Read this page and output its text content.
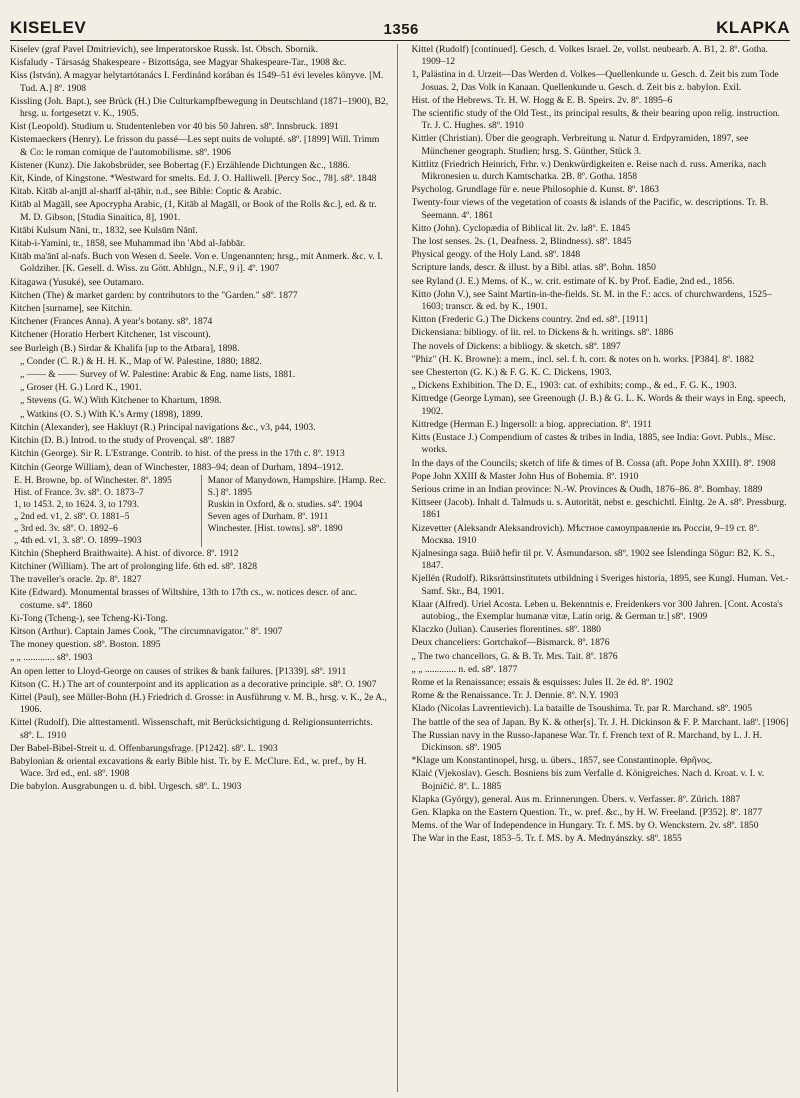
KISELEV	1356	KLAPKA

Kiselev (graf Pavel Dmitrievich), see Imperatorskoe Russk. Ist. Obsch. Sbornik.

Kisfaludy - Társaság Shakespeare - Bizottsága, see Magyar Shakespeare-Tar., 1908 &c.

Kiss (István). A magyar helytartótanács I. Ferdinánd korában és 1549–51 évi leveles könyve. [M. Tud. A.] 8º. 1908

Kissling (Joh. Bapt.), see Brück (H.) Die Culturkampfbewegung in Deutschland (1871–1900), B2, hrsg. u. fortgesetzt v. K., 1905.

Kist (Leopold). Studium u. Studentenleben vor 40 bis 50 Jahren. s8º. Innsbruck. 1891

Kistemaeckers (Henry). Le frisson du passé—Les sept nuits de volupté. s8º. [1899] Will. Trimm & Co: le roman comique de l'automobilisme. s8º. 1906

Kistener (Kunz). Die Jakobsbrüder, see Bobertag (F.) Erzählende Dichtungen &c., 1886.

Kit, Kinde, of Kingstone. *Westward for smelts. Ed. J. O. Halliwell. [Percy Soc., 78]. s8º. 1848

Kitab. Kitāb al-anjīl al-sharīf al-ṭāhir, n.d., see Bible: Coptic & Arabic.

Kitāb al Magāll, see Apocrypha Arabic, (1, Kitāb al Magāll, or Book of the Rolls &c.], ed. & tr. M. D. Gibson, [Studia Sinaitica, 8], 1901.

Kitābi Kulsum Nāni, tr., 1832, see Kulsūm Nānī.

Kitab-i-Yamini, tr., 1858, see Muhammad ibn 'Abd al-Jabbār.

Kitāb ma'ānī al-nafs. Buch von Wesen d. Seele. Von e. Ungenannten; hrsg., mit Anmerk. &c. v. I. Goldziher. [K. Gesell. d. Wiss. zu Gött. Abhlgn., N.F., 9 i]. 4º. 1907

Kitagawa (Yusuké), see Outamaro.

Kitchen (The) & market garden: by contributors to the "Garden." s8º. 1877

Kitchen [surname], see Kitchin.

Kitchener (Frances Anna). A year's botany. s8º. 1874

Kitchener (Horatio Herbert Kitchener, 1st viscount).

see Burleigh (B.) Sirdar & Khalifa [up to the Atbara], 1898.

„ Conder (C. R.) & H. H. K., Map of W. Palestine, 1880; 1882.

„ —— & —— Survey of W. Palestine: Arabic & Eng. name lists, 1881.

„ Groser (H. G.) Lord K., 1901.

„ Stevens (G. W.) With Kitchener to Khartum, 1898.

„ Watkins (O. S.) With K.'s Army (1898), 1899.

Kitchin (Alexander), see Hakluyt (R.) Principal navigations &c., v3, p44, 1903.

Kitchin (D. B.) Introd. to the study of Provençal. s8º. 1887

Kitchin (George). Sir R. L'Estrange. Contrib. to hist. of the press in the 17th c. 8º. 1913

Kitchin (George William), dean of Winchester, 1883–94; dean of Durham, 1894–1912.

E. H. Browne, bp. of Winchester. 8º. 1895
Hist. of France. 3v. s8º. O. 1873–7
1, to 1453. 2, to 1624. 3, to 1793.
„ 2nd ed. v1, 2. s8º. O. 1881–5
„ 3rd ed. 3v. s8º. O. 1892–6
„ 4th ed. v1, 3. s8º. O. 1899–1903
Manor of Manydown, Hampshire. [Hamp. Rec. S.] 8º. 1895
Ruskin in Oxford, & o. studies. s4º. 1904
Seven ages of Durham. 8º. 1911
Winchester. [Hist. towns]. s8º. 1890

Kitchin (Shepherd Braithwaite). A hist. of divorce. 8º. 1912

Kitchiner (William). The art of prolonging life. 6th ed. s8º. 1828

The traveller's oracle. 2p. 8º. 1827

Kite (Edward). Monumental brasses of Wiltshire, 13th to 17th cs., w. notices descr. of anc. costume. s4º. 1860

Ki-Tong (Tcheng-), see Tcheng-Ki-Tong.

Kitson (Arthur). Captain James Cook, "The circumnavigator." 8º. 1907

The money question. s8º. Boston. 1895

„ „ ............. s8º. 1903

An open letter to Lloyd-George on causes of strikes & bank failures. [P1339]. s8º. 1911

Kitson (C. H.) The art of counterpoint and its application as a decorative principle. s8º. O. 1907

Kittel (Paul), see Müller-Bohn (H.) Friedrich d. Grosse: in Ausführung v. M. B., hrsg. v. K., 2e A., 1906.

Kittel (Rudolf). Die alttestamentl. Wissenschaft, mit Berücksichtigung d. Religionsunterrichts. s8º. L. 1910

Der Babel-Bibel-Streit u. d. Offenbarungsfrage. [P1242]. s8º. L. 1903

Babylonian & oriental excavations & early Bible hist. Tr. by E. McClure. Ed., w. pref., by H. Wace. 3rd ed., enl. s8º. 1908

Die babylon. Ausgrabungen u. d. bibl. Urgesch. s8º. L. 1903

Kittel (Rudolf) [continued]. Gesch. d. Volkes Israel. 2e, vollst. neubearb. A. B1, 2. 8º. Gotha. 1909–12

1, Palästina in d. Urzeit—Das Werden d. Volkes—Quellenkunde u. Gesch. d. Zeit bis zum Tode Josuas. 2, Das Volk in Kanaan. Quellenkunde u. Gesch. d. Zeit bis z. babylon. Exil.

Hist. of the Hebrews. Tr. H. W. Hogg & E. B. Speirs. 2v. 8º. 1895–6

The scientific study of the Old Test., its principal results, & their bearing upon relig. instruction. Tr. J. C. Hughes. s8º. 1910

Kittler (Christian). Über die geograph. Verbreitung u. Natur d. Erdpyramiden, 1897, see Münchener geograph. Studien; hrsg. S. Günther, Stück 3.

Kittlitz (Friedrich Heinrich, Frhr. v.) Denkwürdigkeiten e. Reise nach d. russ. Amerika, nach Mikronesien u. durch Kamtschatka. 2B. 8º. Gotha. 1858

Psycholog. Grundlage für e. neue Philosophie d. Kunst. 8º. 1863

Twenty-four views of the vegetation of coasts & islands of the Pacific, w. descriptions. Tr. B. Seemann. 4º. 1861

Kitto (John). Cyclopædia of Biblical lit. 2v. la8º. E. 1845

The lost senses. 2s. (1, Deafness. 2, Blindness). s8º. 1845

Physical geogy. of the Holy Land. s8º. 1848

Scripture lands, descr. & illust. by a Bibl. atlas. s8º. Bohn. 1850

see Ryland (J. E.) Mems. of K., w. crit. estimate of K. by Prof. Eadie, 2nd ed., 1856.

Kitto (John V.), see Saint Martin-in-the-fields. St. M. in the F.: accs. of churchwardens, 1525–1603; transcr. & ed. by K., 1901.

Kitton (Frederic G.) The Dickens country. 2nd ed. s8º. [1911]

Dickensiana: bibliogy. of lit. rel. to Dickens & h. writings. s8º. 1886

The novels of Dickens: a bibliogy. & sketch. s8º. 1897

"Phiz" (H. K. Browne): a mem., incl. sel. f. h. corr. & notes on h. works. [P384]. 8º. 1882

see Chesterton (G. K.) & F. G. K. C. Dickens, 1903.

„ Dickens Exhibition. The D. E., 1903: cat. of exhibits; comp., & ed., F. G. K., 1903.

Kittredge (George Lyman), see Greenough (J. B.) & G. L. K. Words & their ways in Eng. speech, 1902.

Kittredge (Herman E.) Ingersoll: a biog. appreciation. 8º. 1911

Kitts (Eustace J.) Compendium of castes & tribes in India, 1885, see India: Govt. Publs., Misc. works.

In the days of the Councils; sketch of life & times of B. Cossa (aft. Pope John XXIII). 8º. 1908

Pope John XXIII & Master John Hus of Bohemia. 8º. 1910

Serious crime in an Indian province: N.-W. Provinces & Oudh, 1876–86. 8º. Bombay. 1889

Kittseer (Jacob). Inhalt d. Talmuds u. s. Autorität, nebst e. geschichtl. Einltg. 2e A. s8º. Pressburg. 1861

Kizevetter (Aleksandr Aleksandrovich). Мѣстное самоуправленіе въ Россіи, 9–19 ст. 8º. Москва. 1910

Kjalnesinga saga. Búið hefir til pr. V. Ásmundarson. s8º. 1902 see Íslendinga Sögur: B2, K. S., 1847.

Kjellén (Rudolf). Riksrättsinstitutets utbildning i Sveriges historia, 1895, see Kungl. Human. Vet.-Samf. Skr., B4, 1901.

Klaar (Alfred). Uriel Acosta. Leben u. Bekenntnis e. Freidenkers vor 300 Jahren. [Cont. Acosta's autobiog., the Exemplar humanæ vitæ, Latin orig. & German tr.] s8º. 1909

Klaczko (Julian). Causeries florentines. s8º. 1880

Deux chanceliers: Gortchakof—Bismarck. 8º. 1876

„ The two chancellors, G. & B. Tr. Mrs. Tait. 8º. 1876

„ „ ............. n. ed. s8º. 1877

Rome et la Renaissance; essais & esquisses: Jules II. 2e éd. 8º. 1902

Rome & the Renaissance. Tr. J. Dennie. 8º. N.Y. 1903

Klado (Nicolas Lavrentievich). La bataille de Tsoushima. Tr. par R. Marchand. s8º. 1905

The battle of the sea of Japan. By K. & other[s]. Tr. J. H. Dickinson & F. P. Marchant. la8º. [1906]

The Russian navy in the Russo-Japanese War. Tr. f. French text of R. Marchand, by L. J. H. Dickinson. s8º. 1905

*Klage um Konstantinopel, hrsg. u. übers., 1857, see Constantinople. Θρῆνος.

Klaić (Vjekoslav). Gesch. Bosniens bis zum Verfalle d. Königreiches. Nach d. Kroat. v. I. v. Bojničić. 8º. L. 1885

Klapka (György), general. Aus m. Erinnerungen. Übers. v. Verfasser. 8º. Zürich. 1887

Gen. Klapka on the Eastern Question. Tr., w. pref. &c., by H. W. Freeland. [P352]. 8º. 1877

Mems. of the War of Independence in Hungary. Tr. f. MS. by O. Wenckstern. 2v. s8º. 1850

The War in the East, 1853–5. Tr. f. MS. by A. Mednyánszky. s8º. 1855
